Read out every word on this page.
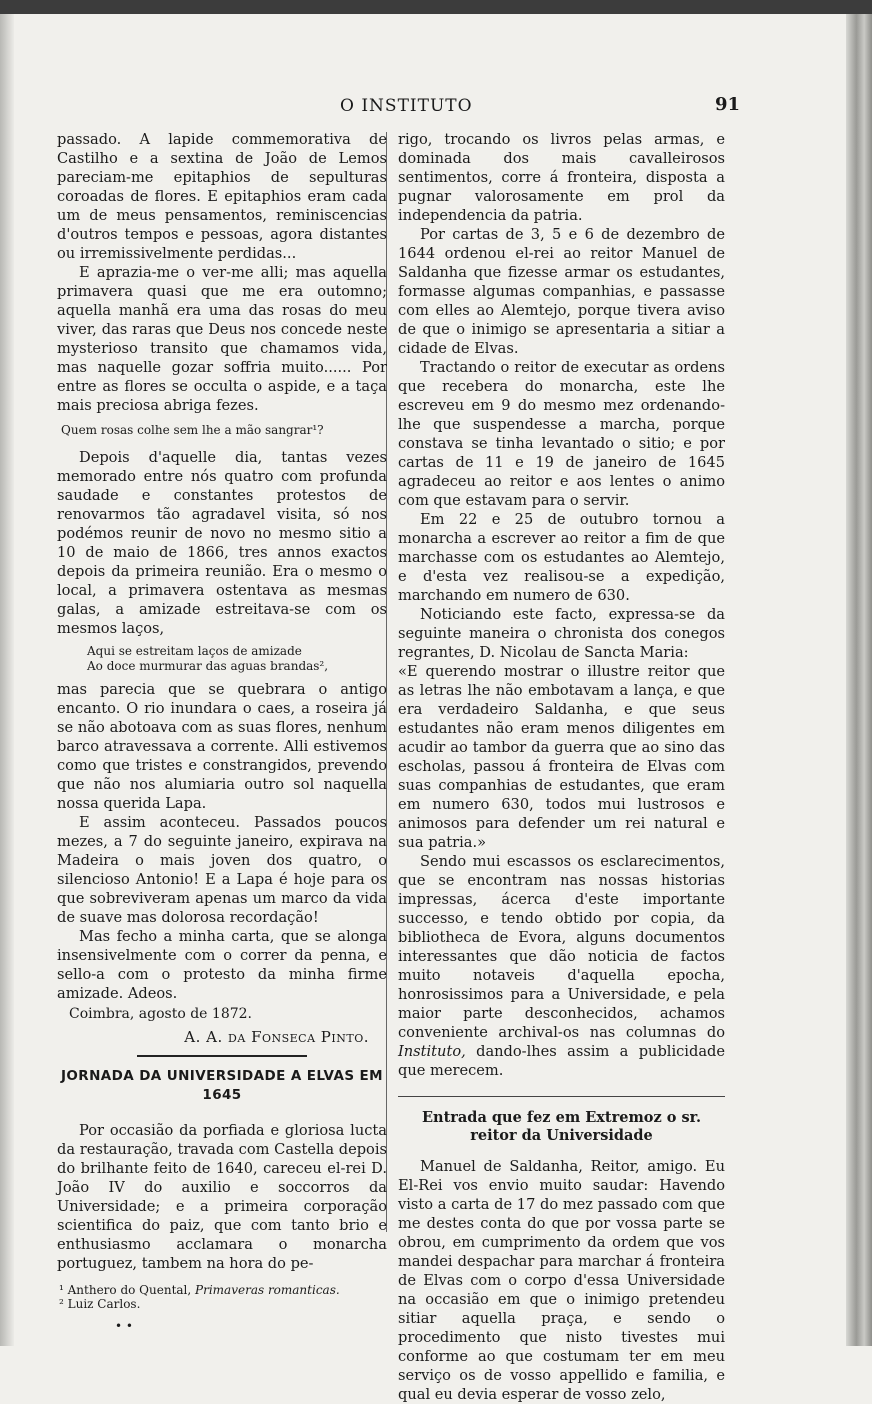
O INSTITUTO	91

passado. A lapide commemorativa de Castilho e a sextina de João de Lemos pareciam-me epitaphios de sepulturas coroadas de flores. E epitaphios eram cada um de meus pensamentos, reminiscencias d'outros tempos e pessoas, agora distantes ou irremissivelmente perdidas...

E aprazia-me o ver-me alli; mas aquella primavera quasi que me era outomno; aquella manhã era uma das rosas do meu viver, das raras que Deus nos concede neste mysterioso transito que chamamos vida, mas naquelle gozar soffria muito...... Por entre as flores se occulta o aspide, e a taça mais preciosa abriga fezes.

Quem rosas colhe sem lhe a mão sangrar¹?

Depois d'aquelle dia, tantas vezes memorado entre nós quatro com profunda saudade e constantes protestos de renovarmos tão agradavel visita, só nos podémos reunir de novo no mesmo sitio a 10 de maio de 1866, tres annos exactos depois da primeira reunião. Era o mesmo o local, a primavera ostentava as mesmas galas, a amizade estreitava-se com os mesmos laços,

Aqui se estreitam laços de amizade
Ao doce murmurar das aguas brandas²,

mas parecia que se quebrara o antigo encanto. O rio inundara o caes, a roseira já se não abotoava com as suas flores, nenhum barco atravessava a corrente. Alli estivemos como que tristes e constrangidos, prevendo que não nos alumiaria outro sol naquella nossa querida Lapa.

E assim aconteceu. Passados poucos mezes, a 7 do seguinte janeiro, expirava na Madeira o mais joven dos quatro, o silencioso Antonio! E a Lapa é hoje para os que sobreviveram apenas um marco da vida de suave mas dolorosa recordação!

Mas fecho a minha carta, que se alonga insensivelmente com o correr da penna, e sello-a com o protesto da minha firme amizade. Adeos.

Coimbra, agosto de 1872.

A. A. da Fonseca Pinto.

JORNADA DA UNIVERSIDADE A ELVAS EM 1645

Por occasião da porfiada e gloriosa lucta da restauração, travada com Castella depois do brilhante feito de 1640, careceu el-rei D. João IV do auxilio e soccorros da Universidade; e a primeira corporação scientifica do paiz, que com tanto brio e enthusiasmo acclamara o monarcha portuguez, tambem na hora do pe-

¹ Anthero do Quental, Primaveras romanticas.

² Luiz Carlos.

• •

rigo, trocando os livros pelas armas, e dominada dos mais cavalleirosos sentimentos, corre á fronteira, disposta a pugnar valorosamente em prol da independencia da patria.

Por cartas de 3, 5 e 6 de dezembro de 1644 ordenou el-rei ao reitor Manuel de Saldanha que fizesse armar os estudantes, formasse algumas companhias, e passasse com elles ao Alemtejo, porque tivera aviso de que o inimigo se apresentaria a sitiar a cidade de Elvas.

Tractando o reitor de executar as ordens que recebera do monarcha, este lhe escreveu em 9 do mesmo mez ordenando-lhe que suspendesse a marcha, porque constava se tinha levantado o sitio; e por cartas de 11 e 19 de janeiro de 1645 agradeceu ao reitor e aos lentes o animo com que estavam para o servir.

Em 22 e 25 de outubro tornou a monarcha a escrever ao reitor a fim de que marchasse com os estudantes ao Alemtejo, e d'esta vez realisou-se a expedição, marchando em numero de 630.

Noticiando este facto, expressa-se da seguinte maneira o chronista dos conegos regrantes, D. Nicolau de Sancta Maria:

«E querendo mostrar o illustre reitor que as letras lhe não embotavam a lança, e que era verdadeiro Saldanha, e que seus estudantes não eram menos diligentes em acudir ao tambor da guerra que ao sino das escholas, passou á fronteira de Elvas com suas companhias de estudantes, que eram em numero 630, todos mui lustrosos e animosos para defender um rei natural e sua patria.»

Sendo mui escassos os esclarecimentos, que se encontram nas nossas historias impressas, ácerca d'este importante successo, e tendo obtido por copia, da bibliotheca de Evora, alguns documentos interessantes que dão noticia de factos muito notaveis d'aquella epocha, honrosissimos para a Universidade, e pela maior parte desconhecidos, achamos conveniente archival-os nas columnas do Instituto, dando-lhes assim a publicidade que merecem.

Entrada que fez em Extremoz o sr. reitor da Universidade

Manuel de Saldanha, Reitor, amigo. Eu El-Rei vos envio muito saudar: Havendo visto a carta de 17 do mez passado com que me destes conta do que por vossa parte se obrou, em cumprimento da ordem que vos mandei despachar para marchar á fronteira de Elvas com o corpo d'essa Universidade na occasião em que o inimigo pretendeu sitiar aquella praça, e sendo o procedimento que nisto tivestes mui conforme ao que costumam ter em meu serviço os de vosso appellido e familia, e qual eu devia esperar de vosso zelo,
